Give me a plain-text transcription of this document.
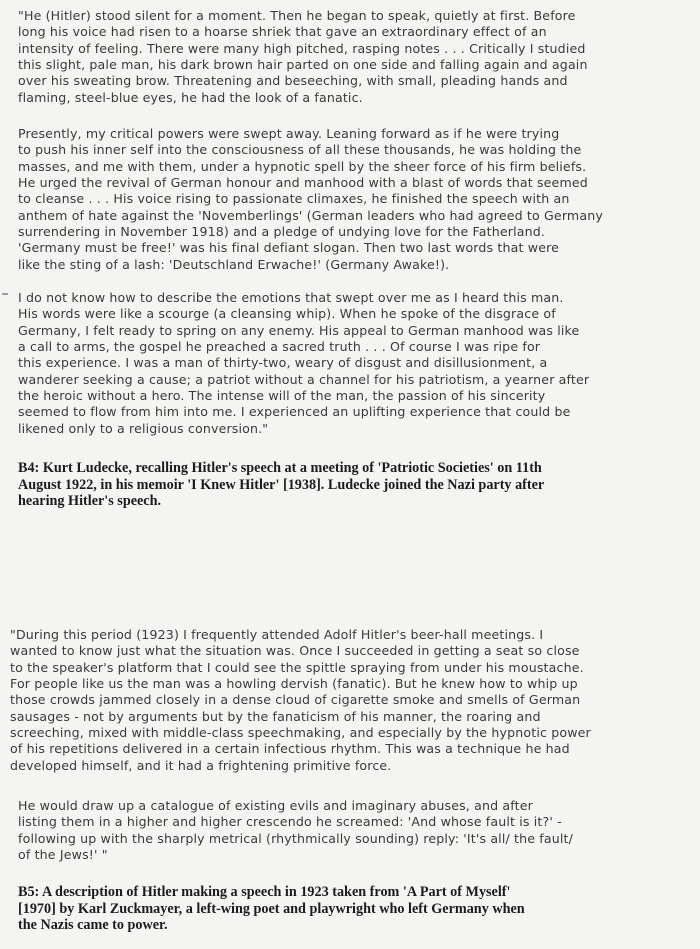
"He (Hitler) stood silent for a moment. Then he began to speak, quietly at first. Before
long his voice had risen to a hoarse shriek that gave an extraordinary effect of an
intensity of feeling. There were many high pitched, rasping notes . . . Critically I studied
this slight, pale man, his dark brown hair parted on one side and falling again and again
over his sweating brow. Threatening and beseeching, with small, pleading hands and
flaming, steel-blue eyes, he had the look of a fanatic.

Presently, my critical powers were swept away. Leaning forward as if he were trying
to push his inner self into the consciousness of all these thousands, he was holding the
masses, and me with them, under a hypnotic spell by the sheer force of his firm beliefs.
He urged the revival of German honour and manhood with a blast of words that seemed
to cleanse . . . His voice rising to passionate climaxes, he finished the speech with an
anthem of hate against the 'Novemberlings' (German leaders who had agreed to Germany
surrendering in November 1918) and a pledge of undying love for the Fatherland.
'Germany must be free!' was his final defiant slogan. Then two last words that were
like the sting of a lash: 'Deutschland Erwache!' (Germany Awake!).

I do not know how to describe the emotions that swept over me as I heard this man.
His words were like a scourge (a cleansing whip). When he spoke of the disgrace of
Germany, I felt ready to spring on any enemy. His appeal to German manhood was like
a call to arms, the gospel he preached a sacred truth . . . Of course I was ripe for
this experience. I was a man of thirty-two, weary of disgust and disillusionment, a
wanderer seeking a cause; a patriot without a channel for his patriotism, a yearner after
the heroic without a hero. The intense will of the man, the passion of his sincerity
seemed to flow from him into me. I experienced an uplifting experience that could be
likened only to a religious conversion."

B4: Kurt Ludecke, recalling Hitler's speech at a meeting of 'Patriotic Societies' on 11th
August 1922, in his memoir 'I Knew Hitler' [1938]. Ludecke joined the Nazi party after
hearing Hitler's speech.

"During this period (1923) I frequently attended Adolf Hitler's beer-hall meetings. I
wanted to know just what the situation was. Once I succeeded in getting a seat so close
to the speaker's platform that I could see the spittle spraying from under his moustache.
For people like us the man was a howling dervish (fanatic). But he knew how to whip up
those crowds jammed closely in a dense cloud of cigarette smoke and smells of German
sausages - not by arguments but by the fanaticism of his manner, the roaring and
screeching, mixed with middle-class speechmaking, and especially by the hypnotic power
of his repetitions delivered in a certain infectious rhythm. This was a technique he had
developed himself, and it had a frightening primitive force.

He would draw up a catalogue of existing evils and imaginary abuses, and after
listing them in a higher and higher crescendo he screamed: 'And whose fault is it?' -
following up with the sharply metrical (rhythmically sounding) reply: 'It's all/ the fault/
of the Jews!' "

B5: A description of Hitler making a speech in 1923 taken from 'A Part of Myself'
[1970] by Karl Zuckmayer, a left-wing poet and playwright who left Germany when
the Nazis came to power.
